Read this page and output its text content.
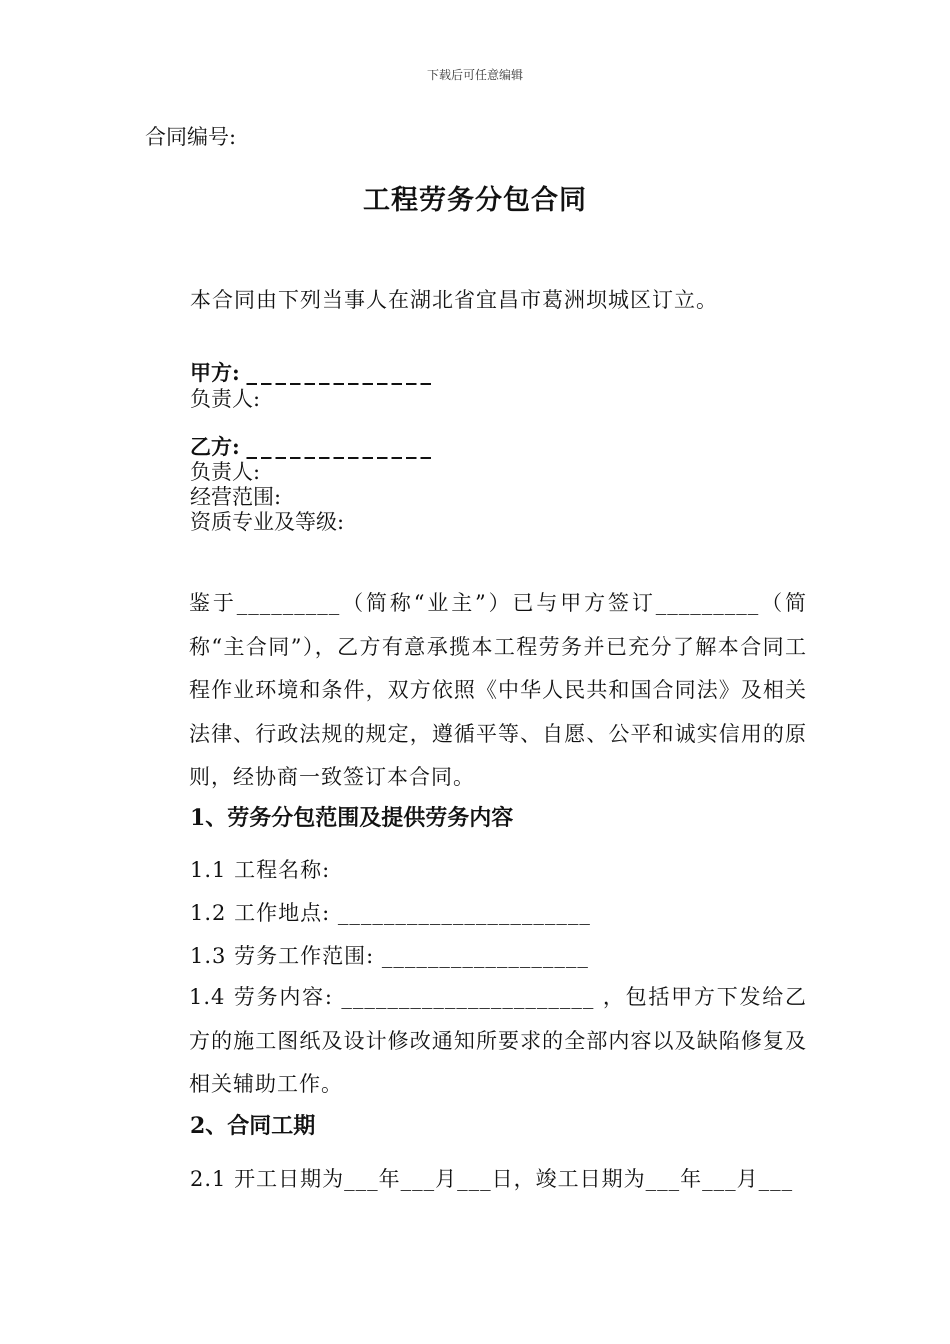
下载后可任意编辑
合同编号:
工程劳务分包合同
本合同由下列当事人在湖北省宜昌市葛洲坝城区订立。
甲方: _____________
负责人:
乙方: _____________
负责人:
经营范围:
资质专业及等级:

鉴于_________（简称“业主”）已与甲方签订_________（简称“主合同”），乙方有意承揽本工程劳务并已充分了解本合同工程作业环境和条件，双方依照《中华人民共和国合同法》及相关法律、行政法规的规定，遵循平等、自愿、公平和诚实信用的原则，经协商一致签订本合同。

1、劳务分包范围及提供劳务内容
1.1 工程名称:
1.2 工作地点: ______________________
1.3 劳务工作范围: __________________

1.4 劳务内容: ______________________ ，包括甲方下发给乙方的施工图纸及设计修改通知所要求的全部内容以及缺陷修复及相关辅助工作。

2、合同工期
2.1 开工日期为___年___月___日，竣工日期为___年___月___
